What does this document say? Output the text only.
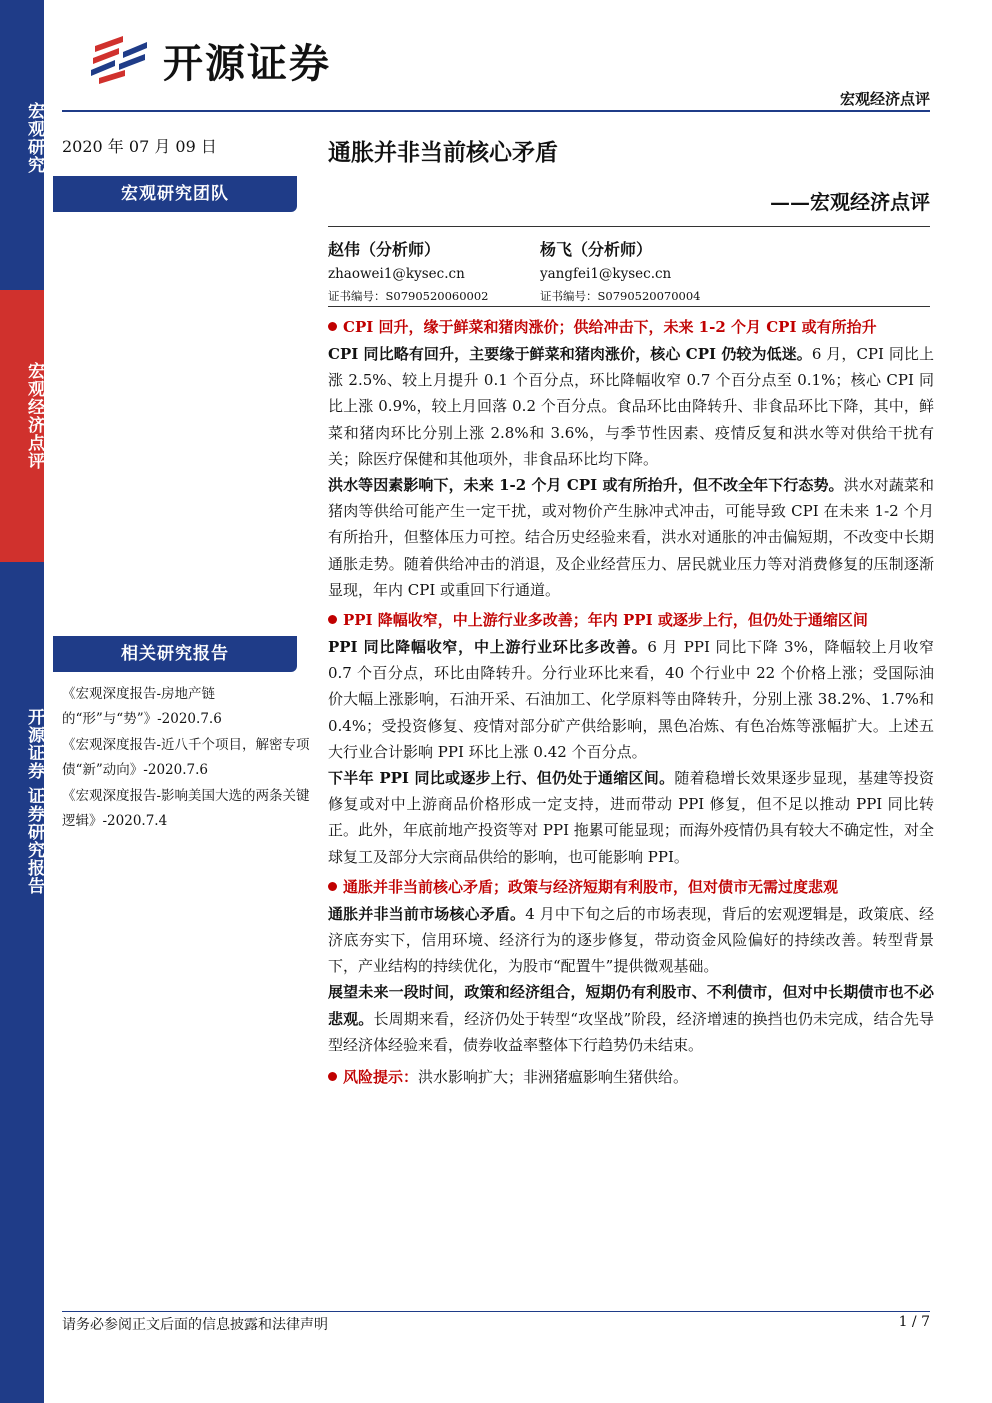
宏观研究
宏观经济点评
开源证券 证券研究报告
开源证券
宏观经济点评
2020 年 07 月 09 日
宏观研究团队
相关研究报告
《宏观深度报告-房地产链的“形”与“势”》-2020.7.6
《宏观深度报告-近八千个项目，解密专项债“新”动向》-2020.7.6
《宏观深度报告-影响美国大选的两条关键逻辑》-2020.7.4
通胀并非当前核心矛盾
——宏观经济点评
赵伟（分析师）
zhaowei1@kysec.cn
证书编号：S0790520060002
杨飞（分析师）
yangfei1@kysec.cn
证书编号：S0790520070004
CPI 回升，缘于鲜菜和猪肉涨价；供给冲击下，未来 1-2 个月 CPI 或有所抬升

CPI 同比略有回升，主要缘于鲜菜和猪肉涨价，核心 CPI 仍较为低迷。6 月，CPI 同比上涨 2.5%、较上月提升 0.1 个百分点，环比降幅收窄 0.7 个百分点至 0.1%；核心 CPI 同比上涨 0.9%，较上月回落 0.2 个百分点。食品环比由降转升、非食品环比下降，其中，鲜菜和猪肉环比分别上涨 2.8%和 3.6%，与季节性因素、疫情反复和洪水等对供给干扰有关；除医疗保健和其他项外，非食品环比均下降。

洪水等因素影响下，未来 1-2 个月 CPI 或有所抬升，但不改全年下行态势。洪水对蔬菜和猪肉等供给可能产生一定干扰，或对物价产生脉冲式冲击，可能导致 CPI 在未来 1-2 个月有所抬升，但整体压力可控。结合历史经验来看，洪水对通胀的冲击偏短期，不改变中长期通胀走势。随着供给冲击的消退，及企业经营压力、居民就业压力等对消费修复的压制逐渐显现，年内 CPI 或重回下行通道。

PPI 降幅收窄，中上游行业多改善；年内 PPI 或逐步上行，但仍处于通缩区间

PPI 同比降幅收窄，中上游行业环比多改善。6 月 PPI 同比下降 3%，降幅较上月收窄 0.7 个百分点，环比由降转升。分行业环比来看，40 个行业中 22 个价格上涨；受国际油价大幅上涨影响，石油开采、石油加工、化学原料等由降转升，分别上涨 38.2%、1.7%和 0.4%；受投资修复、疫情对部分矿产供给影响，黑色冶炼、有色冶炼等涨幅扩大。上述五大行业合计影响 PPI 环比上涨 0.42 个百分点。

下半年 PPI 同比或逐步上行、但仍处于通缩区间。随着稳增长效果逐步显现，基建等投资修复或对中上游商品价格形成一定支持，进而带动 PPI 修复，但不足以推动 PPI 同比转正。此外，年底前地产投资等对 PPI 拖累可能显现；而海外疫情仍具有较大不确定性，对全球复工及部分大宗商品供给的影响，也可能影响 PPI。

通胀并非当前核心矛盾；政策与经济短期有利股市，但对债市无需过度悲观

通胀并非当前市场核心矛盾。4 月中下旬之后的市场表现，背后的宏观逻辑是，政策底、经济底夯实下，信用环境、经济行为的逐步修复，带动资金风险偏好的持续改善。转型背景下，产业结构的持续优化，为股市“配置牛”提供微观基础。

展望未来一段时间，政策和经济组合，短期仍有利股市、不利债市，但对中长期债市也不必悲观。长周期来看，经济仍处于转型“攻坚战”阶段，经济增速的换挡也仍未完成，结合先导型经济体经验来看，债券收益率整体下行趋势仍未结束。

风险提示：洪水影响扩大；非洲猪瘟影响生猪供给。
请务必参阅正文后面的信息披露和法律声明	1 / 7
